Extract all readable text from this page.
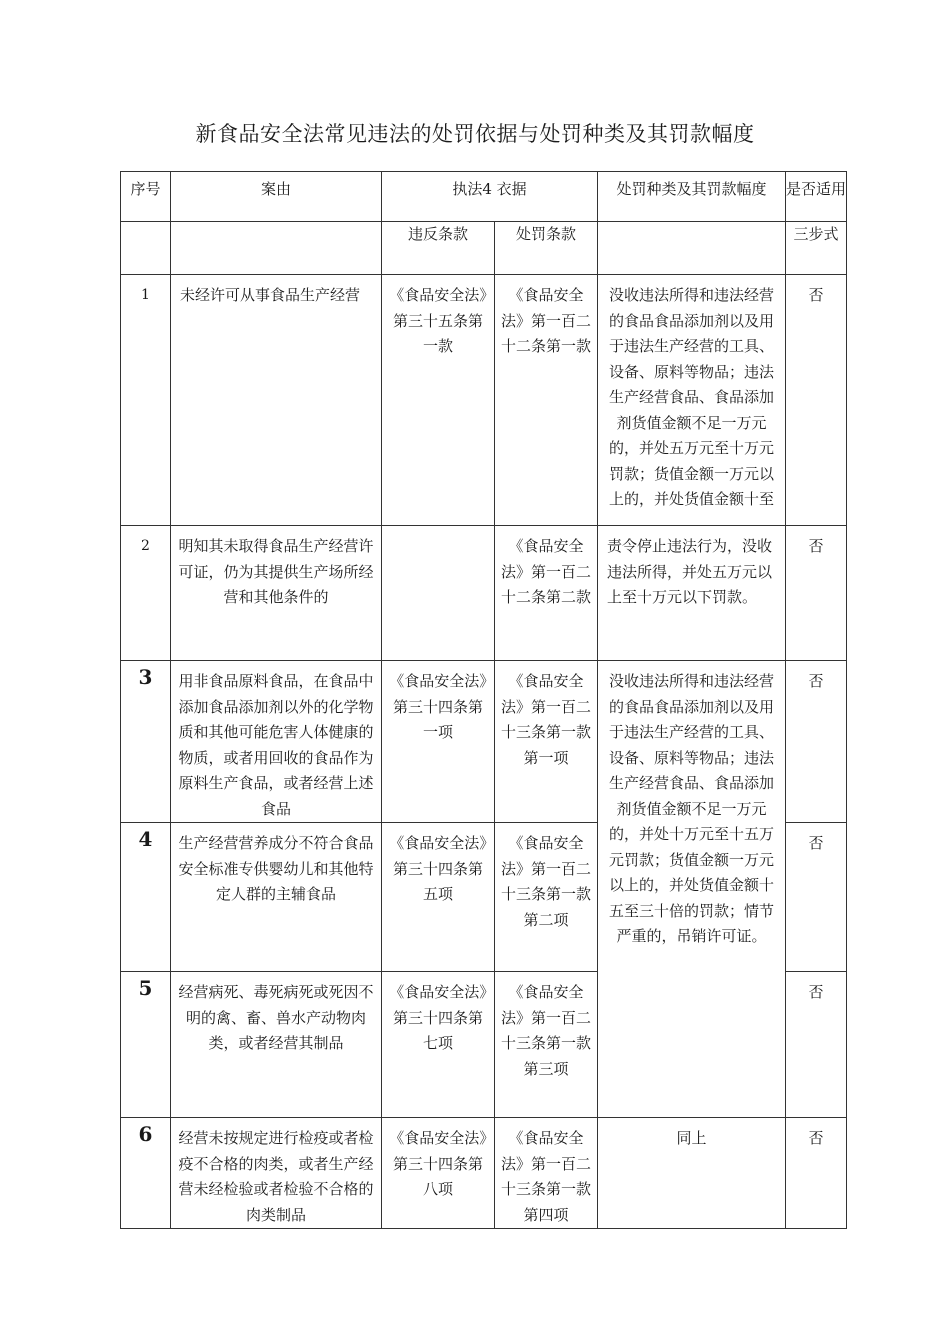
新食品安全法常见违法的处罚依据与处罚种类及其罚款幅度
序号	案由	执法4 衣据		处罚种类及其罚款幅度	是否适用
		违反条款	处罚条款		三步式
1	未经许可从事食品生产经营	《食品安全法》第三十五条第一款	《食品安全法》第一百二十二条第一款	没收违法所得和违法经营的食品食品添加剂以及用于违法生产经营的工具、设备、原料等物品；违法生产经营食品、食品添加剂货值金额不足一万元的，并处五万元至十万元罚款；货值金额一万元以上的，并处货值金额十至	否
2	明知其未取得食品生产经营许可证，仍为其提供生产场所经营和其他条件的		《食品安全法》第一百二十二条第二款	责令停止违法行为，没收违法所得，并处五万元以上至十万元以下罚款。	否
3	用非食品原料食品，在食品中添加食品添加剂以外的化学物质和其他可能危害人体健康的物质，或者用回收的食品作为原料生产食品，或者经营上述食品	《食品安全法》第三十四条第一项	《食品安全法》第一百二十三条第一款第一项	没收违法所得和违法经营的食品食品添加剂以及用于违法生产经营的工具、设备、原料等物品；违法生产经营食品、食品添加剂货值金额不足一万元的，并处十万元至十五万元罚款；货值金额一万元以上的，并处货值金额十五至三十倍的罚款；情节严重的，吊销许可证。	否
4	生产经营营养成分不符合食品安全标准专供婴幼儿和其他特定人群的主辅食品	《食品安全法》第三十四条第五项	《食品安全法》第一百二十三条第一款第二项		否
5	经营病死、毒死病死或死因不明的禽、畜、兽水产动物肉类，或者经营其制品	《食品安全法》第三十四条第七项	《食品安全法》第一百二十三条第一款第三项		否
6	经营未按规定进行检疫或者检疫不合格的肉类，或者生产经营未经检验或者检验不合格的肉类制品	《食品安全法》第三十四条第八项	《食品安全法》第一百二十三条第一款第四项	同上	否
